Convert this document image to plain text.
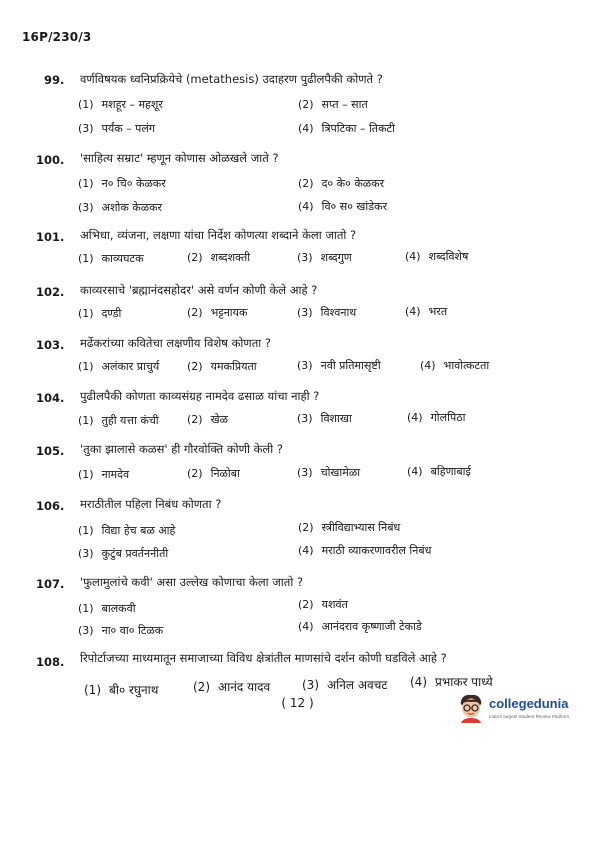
16P/230/3
99. वर्णविषयक ध्वनिप्रक्रियेचे (metathesis) उदाहरण पुढीलपैकी कोणते ?
(1) मशहूर – महशूर	(2) सप्त – सात
(3) पर्यंक – पलंग	(4) त्रिपटिका – तिकटी
100. 'साहित्य सम्राट' म्हणून कोणास ओळखले जाते ?
(1) न० चि० केळकर	(2) द० के० केळकर
(3) अशोक केळकर	(4) वि० स० खांडेकर
101. अभिधा, व्यंजना, लक्षणा यांचा निर्देश कोणत्या शब्दाने केला जातो ?
(1) काव्यघटक	(2) शब्दशक्ती	(3) शब्दगुण	(4) शब्दविशेष
102. काव्यरसाचे 'ब्रह्मानंदसहोदर' असे वर्णन कोणी केले आहे ?
(1) दण्डी	(2) भट्टनायक	(3) विश्वनाथ	(4) भरत
103. मर्ढेकरांच्या कवितेचा लक्षणीय विशेष कोणता ?
(1) अलंकार प्राचुर्य	(2) यमकप्रियता	(3) नवी प्रतिमासृष्टी	(4) भावोत्कटता
104. पुढीलपैकी कोणता काव्यसंग्रह नामदेव ढसाळ यांचा नाही ?
(1) तुही यत्ता कंची	(2) खेळ	(3) विशाखा	(4) गोलपिठा
105. 'तुका झालासे कळस' ही गौरवोक्ति कोणी केली ?
(1) नामदेव	(2) निळोबा	(3) चोखामेळा	(4) बहिणाबाई
106. मराठीतील पहिला निबंध कोणता ?
(1) विद्या हेच बळ आहे	(2) स्त्रीविद्याभ्यास निबंध
(3) कुटुंब प्रवर्तननीती	(4) मराठी व्याकरणावरील निबंध
107. 'फुलामुलांचे कवी' असा उल्लेख कोणाचा केला जातो ?
(1) बालकवी	(2) यशवंत
(3) ना० वा० टिळक	(4) आनंदराव कृष्णाजी टेकाडे
108. रिपोर्टाजच्या माध्यमातून समाजाच्या विविध क्षेत्रांतील माणसांचे दर्शन कोणी घडविले आहे ?
(1) बी० रघुनाथ	(2) आनंद यादव	(3) अनिल अवचट (4) प्रभाकर पाध्ये
( 12 )	collegedunia
India's largest Student Review Platform
